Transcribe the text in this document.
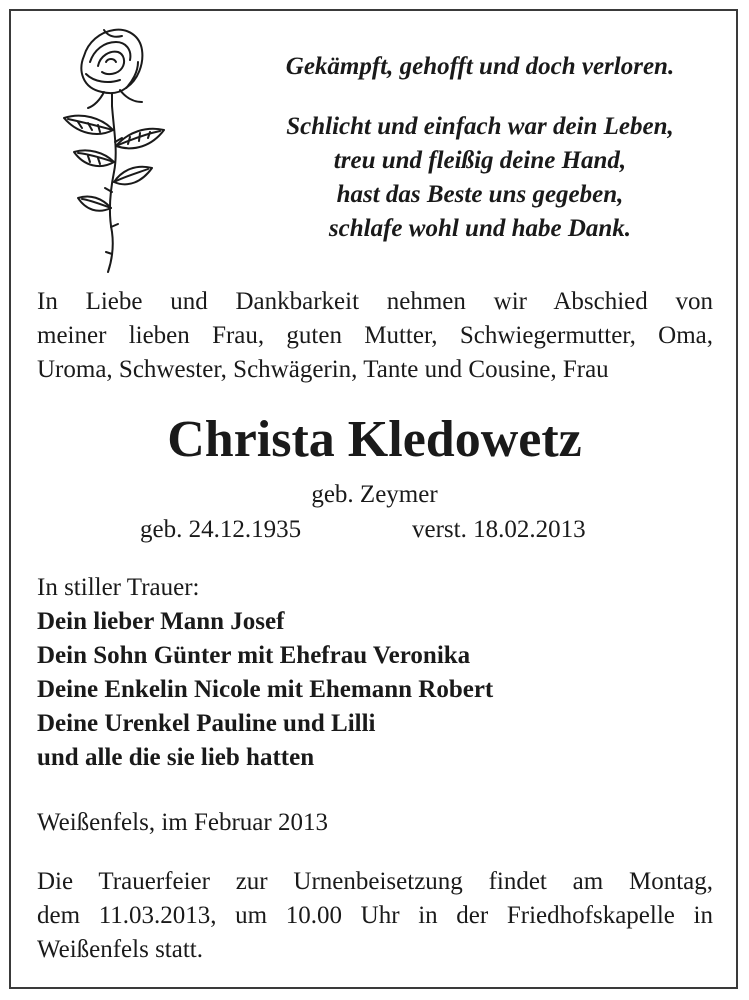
Gekämpft, gehofft und doch verloren.
Schlicht und einfach war dein Leben,
treu und fleißig deine Hand,
hast das Beste uns gegeben,
schlafe wohl und habe Dank.
In Liebe und Dankbarkeit nehmen wir Abschied von
meiner lieben Frau, guten Mutter, Schwiegermutter, Oma,
Uroma, Schwester, Schwägerin, Tante und Cousine, Frau
Christa Kledowetz
geb. Zeymer
geb. 24.12.1935	verst. 18.02.2013
In stiller Trauer:
Dein lieber Mann Josef
Dein Sohn Günter mit Ehefrau Veronika
Deine Enkelin Nicole mit Ehemann Robert
Deine Urenkel Pauline und Lilli
und alle die sie lieb hatten
Weißenfels, im Februar 2013
Die Trauerfeier zur Urnenbeisetzung findet am Montag,
dem 11.03.2013, um 10.00 Uhr in der Friedhofskapelle in
Weißenfels statt.
